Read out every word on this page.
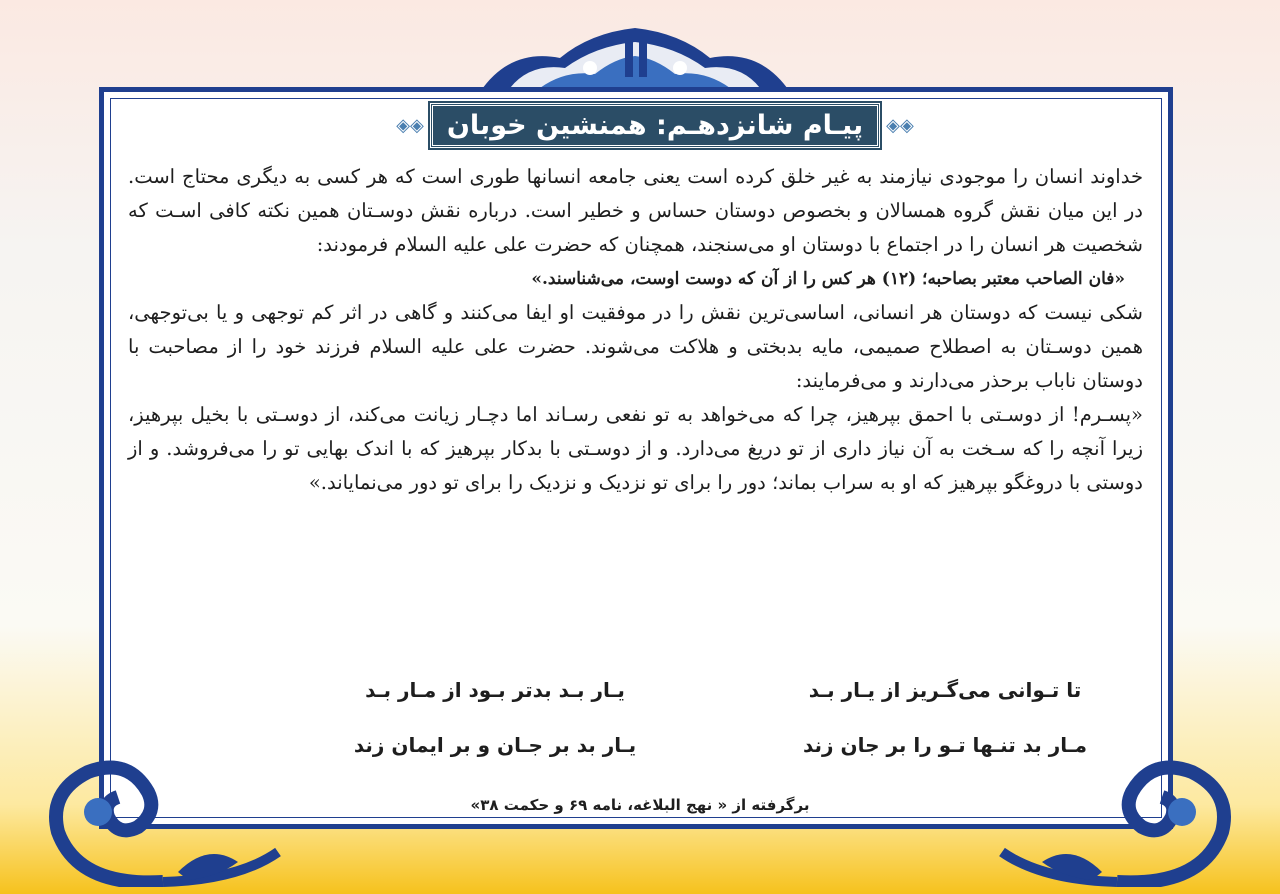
◈◈ پیـام شانزدهـم: همنشین خوبان	◈◈

خداوند انسان را موجودی نیازمند به غیر خلق کرده است یعنی جامعه انسانها طوری است که هر کسی به دیگری محتاج است. در این میان نقش گروه همسالان و بخصوص دوستان حساس و خطیر است. درباره نقش دوسـتان همین نکته کافی اسـت که شخصیت هر انسان را در اجتماع با دوستان او می‌سنجند، همچنان که حضرت علی علیه السلام فرمودند:

«فان الصاحب معتبر بصاحبه؛ (۱۲) هر کس را از آن که دوست اوست، می‌شناسند.»

شکی نیست که دوستان هر انسانی، اساسی‌ترین نقش را در موفقیت او ایفا می‌کنند و گاهی در اثر کم توجهی و یا بی‌توجهی، همین دوسـتان به اصطلاح صمیمی، مایه بدبختی و هلاکت می‌شوند. حضرت علی علیه السلام فرزند خود را از مصاحبت با دوستان ناباب برحذر می‌دارند و می‌فرمایند:

«پسـرم! از دوسـتی با احمق بپرهیز، چرا که می‌خواهد به تو نفعی رسـاند اما دچـار زیانت می‌کند، از دوسـتی با بخیل بپرهیز، زیرا آنچه را که سـخت به آن نیاز داری از تو دریغ می‌دارد. و از دوسـتی با بدکار بپرهیز که با اندک بهایی تو را می‌فروشد. و از دوستی با دروغگو بپرهیز که او به سراب بماند؛ دور را برای تو نزدیک و نزدیک را برای تو دور می‌نمایاند.»

تا تـوانی می‌گـریز از یـار بـد
یـار بـد بدتر بـود از مـار بـد
مـار بد تنـها تـو را بر جان زند
یـار بد بر جـان و بر ایمان زند
برگرفته از « نهج البلاغه، نامه ۶۹ و حکمت ۳۸»
